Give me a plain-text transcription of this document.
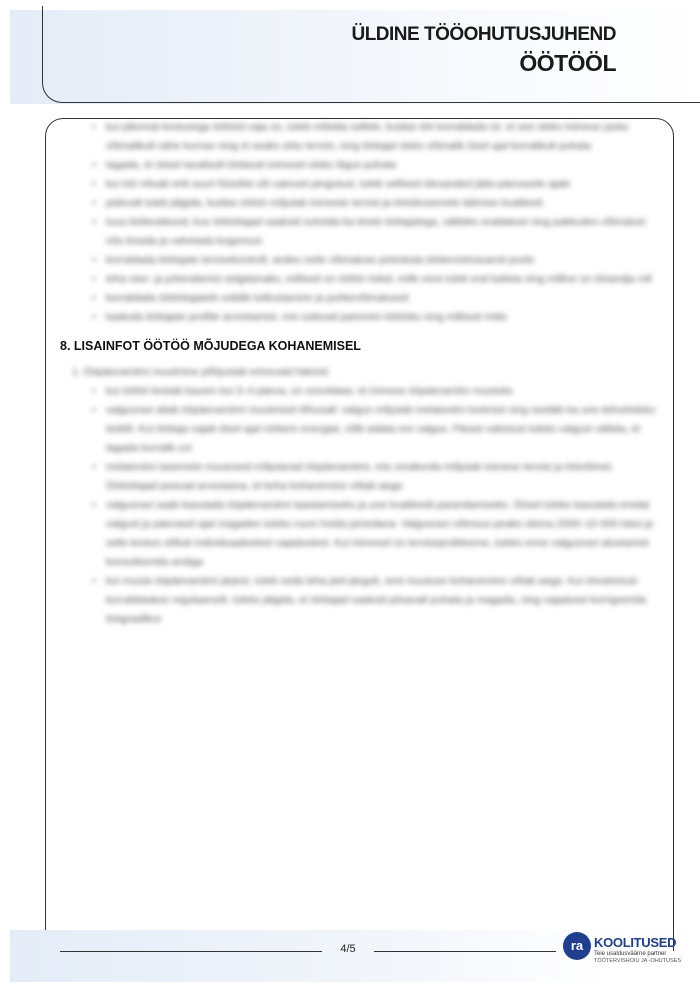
ÜLDINE TÖÖOHUTUSJUHEND
ÖÖTÖÖL
• kui pikemat kestusega öötööd vaja on, tuleb mõelda sellele, kuidas töö korraldada nii, et see oleks inimese jaoks võimalikult vähe kurnav ning ei seaks ohtu tervist, ning töötajal oleks võimalik öisel ajal korralikult puhata
• tagada, et öösel tavaliselt töötaval inimesel oleks õigus puhata
• kui töö nõuab eriti suurt füüsilist või vaimset pingutust, tuleb sellised ülesanded jätta päevasele ajale
• pidevalt tuleb jälgida, kuidas öötöö mõjutab inimeste tervist ja tööülesannete täitmise kvaliteeti
• luua töökeskkond, kus öötöötajad saaksid suhelda ka teiste töötajatega, vältides eraldatust ning pakkudes võimalust nõu küsida ja vahetada kogemusi
• korraldada töötajate tervisekontroll, andes neile võimaluse pöörduda töötervishoiuarsti poole
• teha sise- ja juhendamisi selgitamaks, millised on öötöö riskid, mille eest tuleb end kaitsta ning milline on tööandja roll
• korraldada öötöötajatele sobilik toitlustamine ja puhkevõimalused
• kaaluda töötajate profiile arvestamist, mis sobivad paremini öötööks ning millised mitte
8. LISAINFOT ÖÖTÖÖ MÕJUDEGA KOHANEMISEL
1. Ööpäevarütmi muutmine põhjustab erinevaid häireid.
• kui öötöö kestab kauem kui 3–4 päeva, on soovitatav, et inimese ööpäevarütm muutuks
• valgusravi aitab ööpäevarütmi muutmisel tõhusalt: valgus mõjutab melatoniini tootmist ning seeläbi ka une-ärkveloleku tsüklit. Kui töötaja vajab öisel ajal rohkem energiat, võib aidata ere valgus. Pärast vahetust tuleks valgust vältida, et tagada korralik uni
• melatoniini tasemete muutused mõjutavad ööpäevarütmi, mis omakorda mõjutab inimese tervist ja töövõimet. Öötöötajad peavad arvestama, et keha kohanemine võtab aega
• valgusravi saab kasutada ööpäevarütmi taastamiseks ja une kvaliteedi parandamiseks. Öösel tuleks kasutada eredat valgust ja päevasel ajal magades tuleks ruum hoida pimedana. Valgusravi võimsus peaks olema 2500–10 000 luksi ja selle kestus sõltub individuaalsetest vajadustest. Kui inimesel on terviseprobleeme, tuleks enne valgusravi alustamist konsulteerida arstiga
• kui muuta ööpäevarütmi järjest, tuleb seda teha järk-järgult, sest muutuse kohanemine võtab aega. Kui öövahetust korraldatakse regulaarselt, tuleks jälgida, et töötajad saaksid piisavalt puhata ja magada, ning vajadusel korrigeerida töögraafikut
4/5	ra KOOLITUSED
Teie usaldusväärne partner
TÖÖTERVISHOIU JA -OHUTUSES
